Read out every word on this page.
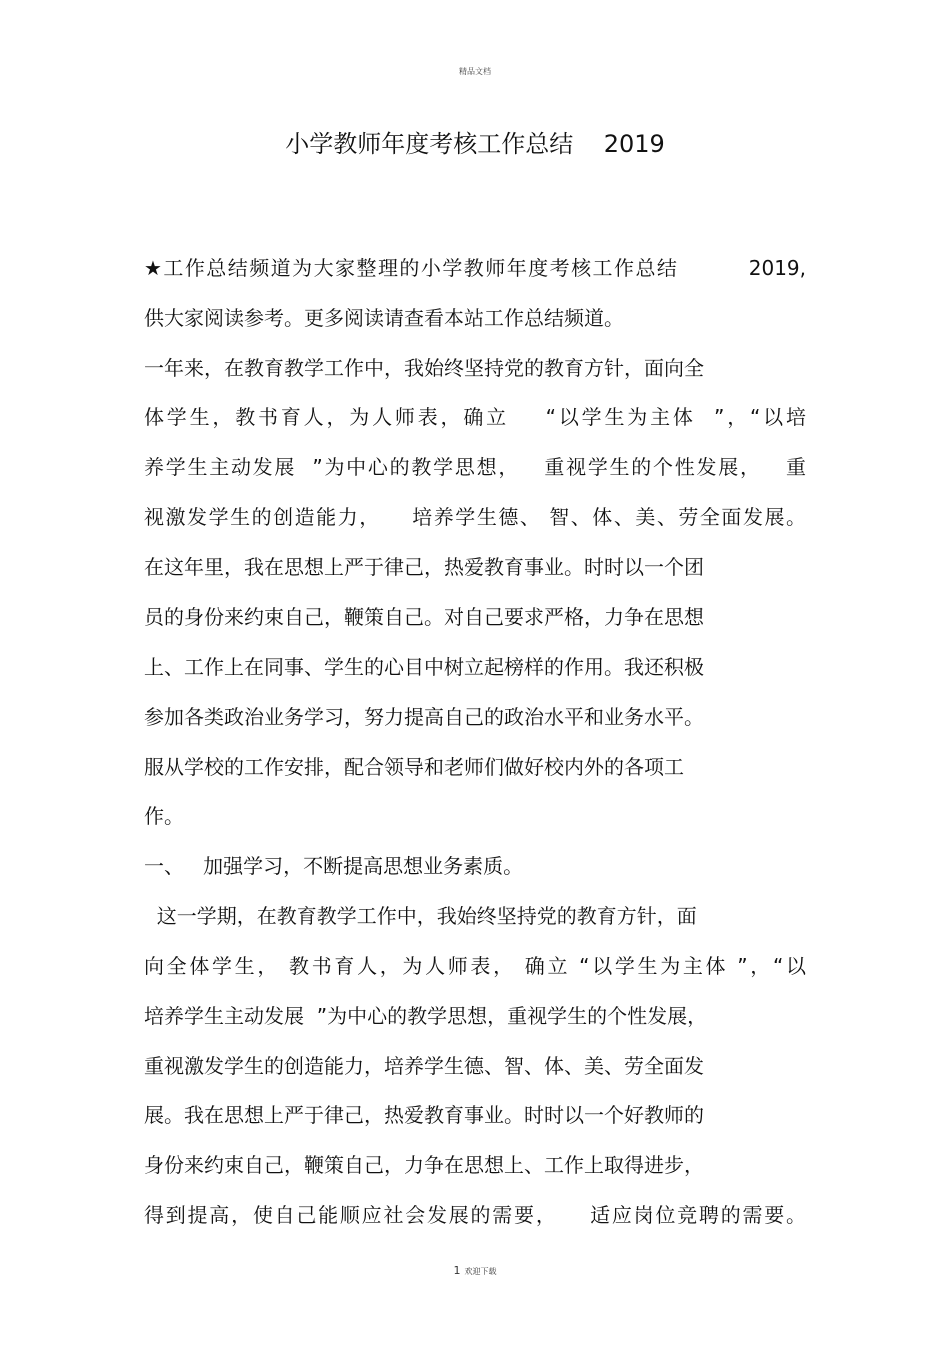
精品文档
小学教师年度考核工作总结    2019
★工作总结频道为大家整理的小学教师年度考核工作总结         2019,
供大家阅读参考。更多阅读请查看本站工作总结频道。
一年来，在教育教学工作中，我始终坚持党的教育方针，面向全
体学生，教书育人，为人师表，确立    “以学生为主体  ”，“以培
养学生主动发展  ”为中心的教学思想，   重视学生的个性发展，   重
视激发学生的创造能力，    培养学生德、 智、体、美、劳全面发展。
在这年里，我在思想上严于律己，热爱教育事业。时时以一个团
员的身份来约束自己，鞭策自己。对自己要求严格，力争在思想
上、工作上在同事、学生的心目中树立起榜样的作用。我还积极
参加各类政治业务学习，努力提高自己的政治水平和业务水平。
服从学校的工作安排，配合领导和老师们做好校内外的各项工
作。
一、   加强学习，不断提高思想业务素质。
这一学期，在教育教学工作中，我始终坚持党的教育方针，面
向全体学生， 教书育人，为人师表， 确立 “以学生为主体 ”，“以
培养学生主动发展  ”为中心的教学思想，重视学生的个性发展，
重视激发学生的创造能力，培养学生德、智、体、美、劳全面发
展。我在思想上严于律己，热爱教育事业。时时以一个好教师的
身份来约束自己，鞭策自己，力争在思想上、工作上取得进步，
得到提高，使自己能顺应社会发展的需要，    适应岗位竞聘的需要。
1 欢迎下载
